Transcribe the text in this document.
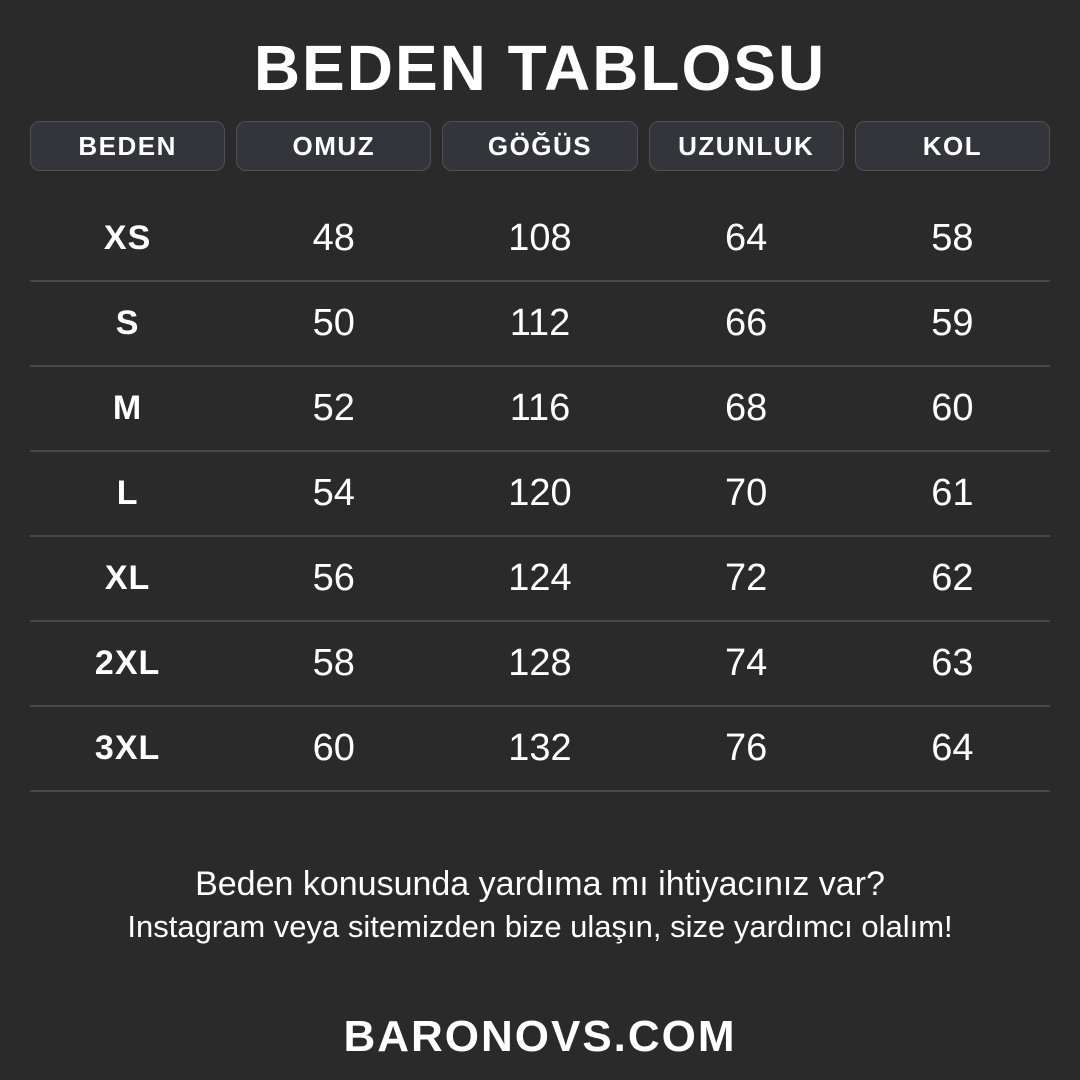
BEDEN TABLOSU
BEDEN	OMUZ	GÖĞÜS	UZUNLUK	KOL
XS	48	108	64	58
S	50	112	66	59
M	52	116	68	60
L	54	120	70	61
XL	56	124	72	62
2XL	58	128	74	63
3XL	60	132	76	64

Beden konusunda yardıma mı ihtiyacınız var?

Instagram veya sitemizden bize ulaşın, size yardımcı olalım!

BARONOVS.COM
